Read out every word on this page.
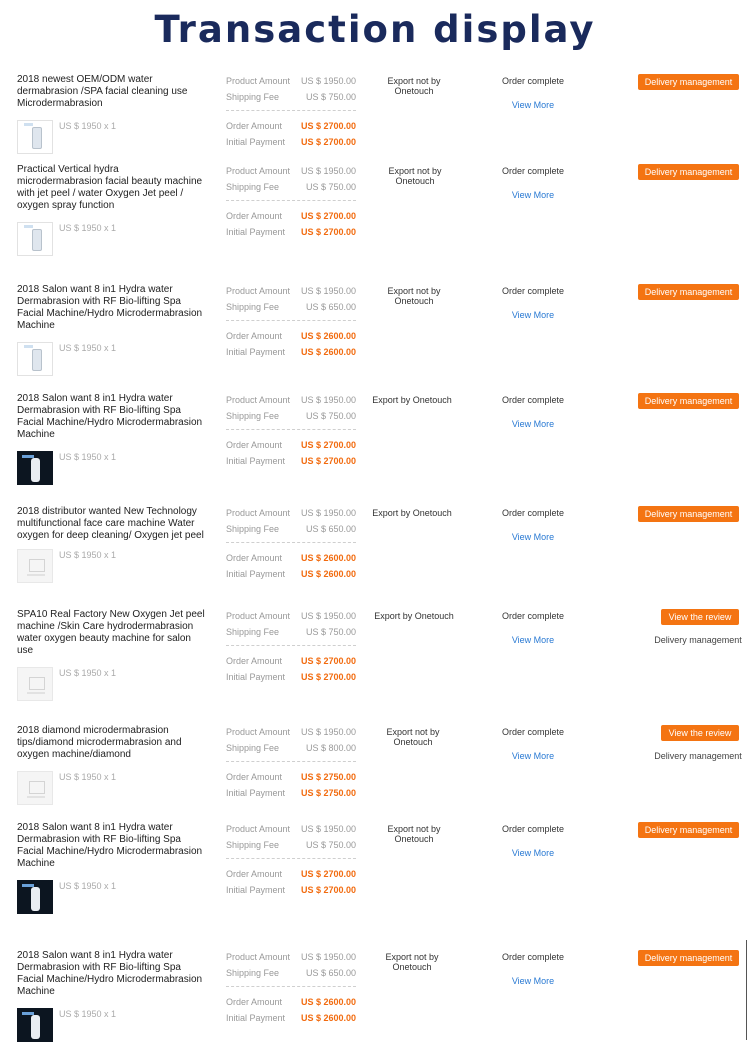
Transaction display
2018 newest OEM/ODM water dermabrasion /SPA facial cleaning use Microdermabrasion
US $ 1950 x 1
Product Amount	US $ 1950.00
Shipping Fee	US $ 750.00
Order Amount	US $ 2700.00
Initial Payment	US $ 2700.00
Export not by Onetouch
Order complete
View More
Delivery management
Practical Vertical hydra microdermabrasion facial beauty machine with jet peel / water Oxygen Jet peel / oxygen spray function
US $ 1950 x 1
Product Amount	US $ 1950.00
Shipping Fee	US $ 750.00
Order Amount	US $ 2700.00
Initial Payment	US $ 2700.00
Export not by Onetouch
Order complete
View More
Delivery management
2018 Salon want 8 in1 Hydra water Dermabrasion with RF Bio-lifting Spa Facial Machine/Hydro Microdermabrasion Machine
US $ 1950 x 1
Product Amount	US $ 1950.00
Shipping Fee	US $ 650.00
Order Amount	US $ 2600.00
Initial Payment	US $ 2600.00
Export not by Onetouch
Order complete
View More
Delivery management
2018 Salon want 8 in1 Hydra water Dermabrasion with RF Bio-lifting Spa Facial Machine/Hydro Microdermabrasion Machine
US $ 1950 x 1
Product Amount	US $ 1950.00
Shipping Fee	US $ 750.00
Order Amount	US $ 2700.00
Initial Payment	US $ 2700.00
Export by Onetouch	Order complete
View More
Delivery management
2018 distributor wanted New Technology multifunctional face care machine Water oxygen for deep cleaning/ Oxygen jet peel
US $ 1950 x 1
Product Amount	US $ 1950.00
Shipping Fee	US $ 650.00
Order Amount	US $ 2600.00
Initial Payment	US $ 2600.00
Export by Onetouch	Order complete
View More
Delivery management
SPA10 Real Factory New Oxygen Jet peel machine /Skin Care hydrodermabrasion water oxygen beauty machine for salon use
US $ 1950 x 1
Product Amount	US $ 1950.00
Shipping Fee	US $ 750.00
Order Amount	US $ 2700.00
Initial Payment	US $ 2700.00
Export by Onetouch	Order complete
View More
View the review
Delivery management
2018 diamond microdermabrasion tips/diamond microdermabrasion and oxygen machine/diamond
US $ 1950 x 1
Product Amount	US $ 1950.00
Shipping Fee	US $ 800.00
Order Amount	US $ 2750.00
Initial Payment	US $ 2750.00
Export not by Onetouch
Order complete
View More
View the review
Delivery management
2018 Salon want 8 in1 Hydra water Dermabrasion with RF Bio-lifting Spa Facial Machine/Hydro Microdermabrasion Machine
US $ 1950 x 1
Product Amount	US $ 1950.00
Shipping Fee	US $ 750.00
Order Amount	US $ 2700.00
Initial Payment	US $ 2700.00
Export not by Onetouch
Order complete
View More
Delivery management
2018 Salon want 8 in1 Hydra water Dermabrasion with RF Bio-lifting Spa Facial Machine/Hydro Microdermabrasion Machine
US $ 1950 x 1
Product Amount	US $ 1950.00
Shipping Fee	US $ 650.00
Order Amount	US $ 2600.00
Initial Payment	US $ 2600.00
Export not by Onetouch
Order complete
View More
Delivery management
